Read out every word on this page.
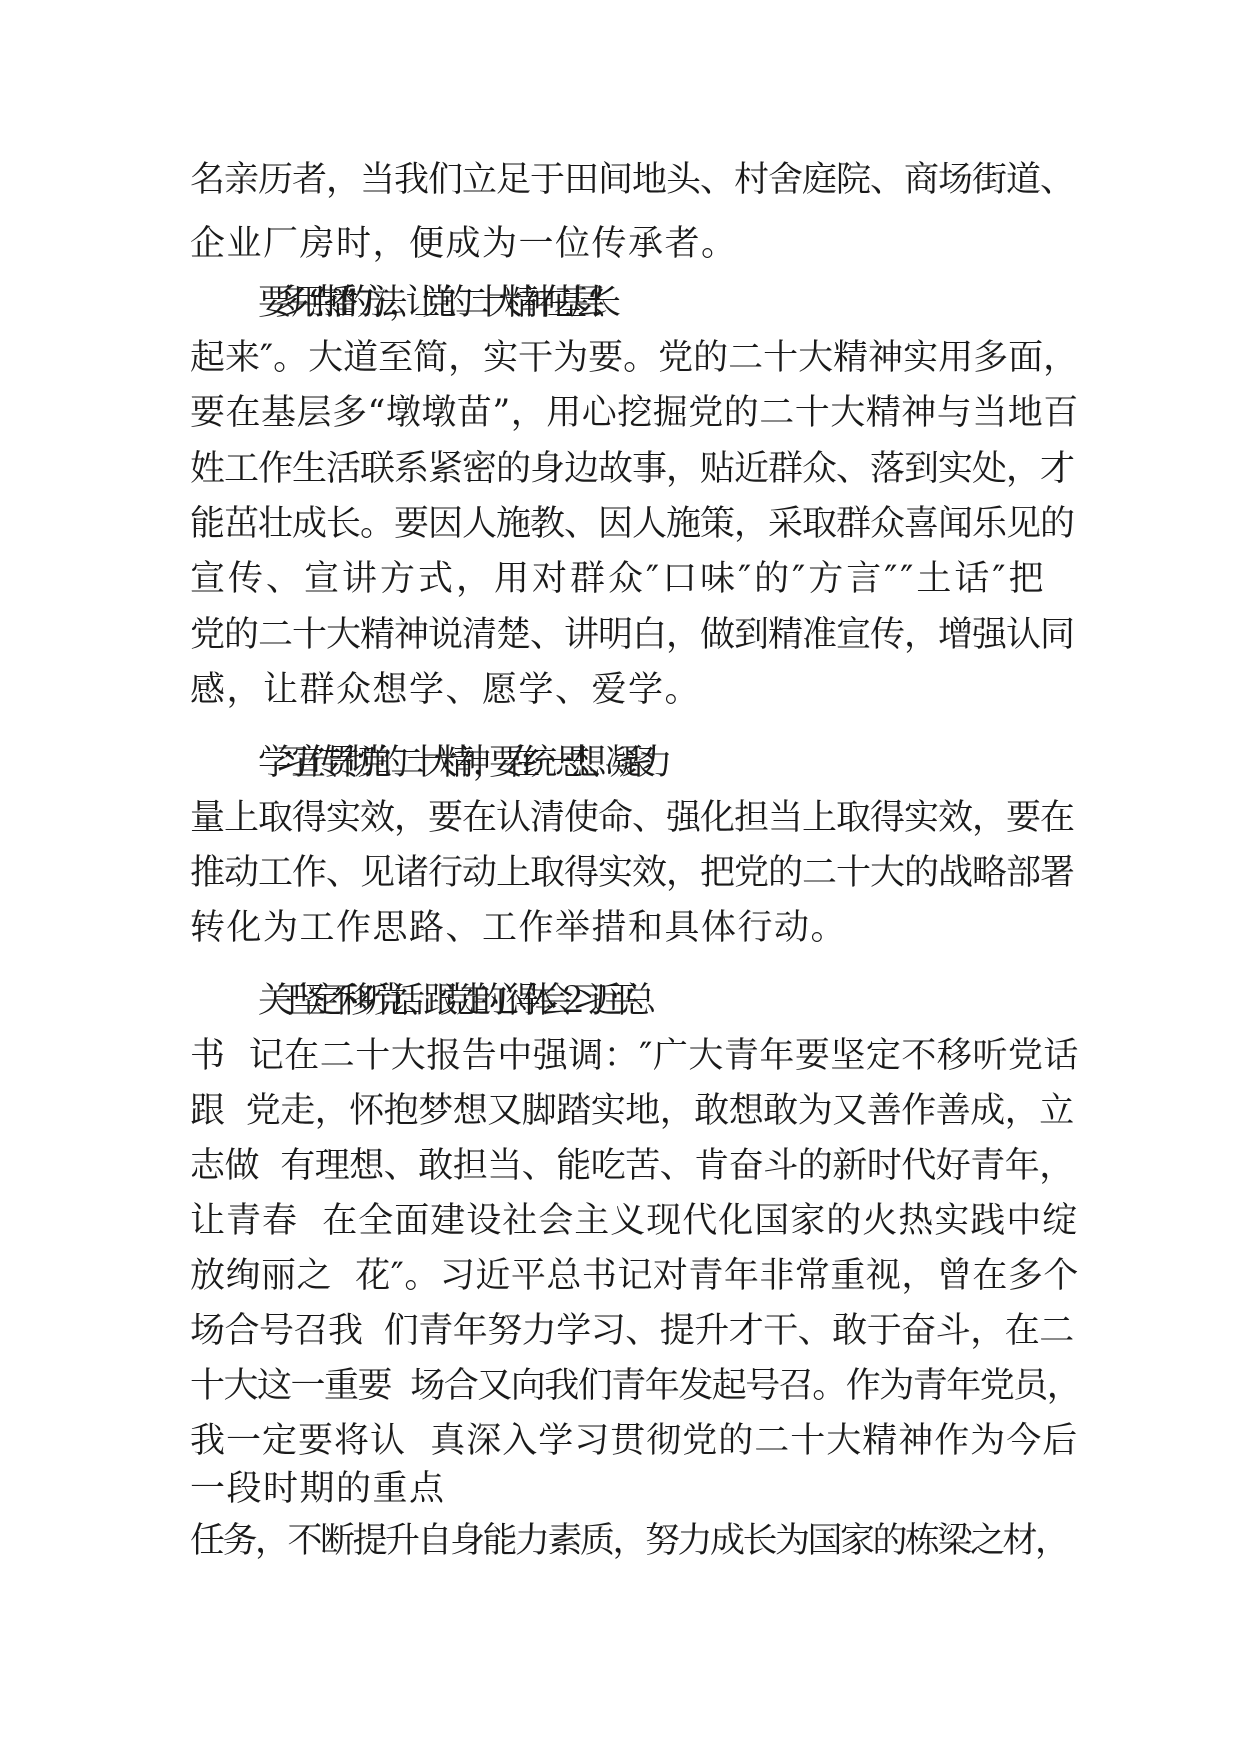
名亲历者，当我们立足于田间地头、村舍庭院、商场街道、

企业厂房时，便成为一位传承者。

要多用“点播”的方法，让党的二十大精神在基层“长

起来″。大道至简，实干为要。党的二十大精神实用多面，

要在基层多“墩墩苗”，用心挖掘党的二十大精神与当地百

姓工作生活联系紧密的身边故事，贴近群众、落到实处，才

能茁壮成长。要因人施教、因人施策，采取群众喜闻乐见的

宣传、宣讲方式，用对群众″口味″的″方言″″土话″把

党的二十大精神说清楚、讲明白，做到精准宣传，增强认同

感，让群众想学、愿学、爱学。

学习宣传贯彻党的二十大精神，要在统一思想、凝聚力

量上取得实效，要在认清使命、强化担当上取得实效，要在

推动工作、见诸行动上取得实效，把党的二十大的战略部署

转化为工作思路、工作举措和具体行动。

关于坚定不移听党话、跟党走的心得体会２习近平总

书  记在二十大报告中强调：″广大青年要坚定不移听党话

跟  党走，怀抱梦想又脚踏实地，敢想敢为又善作善成，立

志做  有理想、敢担当、能吃苦、肯奋斗的新时代好青年，

让青春  在全面建设社会主义现代化国家的火热实践中绽

放绚丽之  花″。习近平总书记对青年非常重视，曾在多个

场合号召我  们青年努力学习、提升才干、敢于奋斗，在二

十大这一重要  场合又向我们青年发起号召。作为青年党员，

我一定要将认  真深入学习贯彻党的二十大精神作为今后

一段时期的重点

任务，不断提升自身能力素质，努力成长为国家的栋梁之材，
